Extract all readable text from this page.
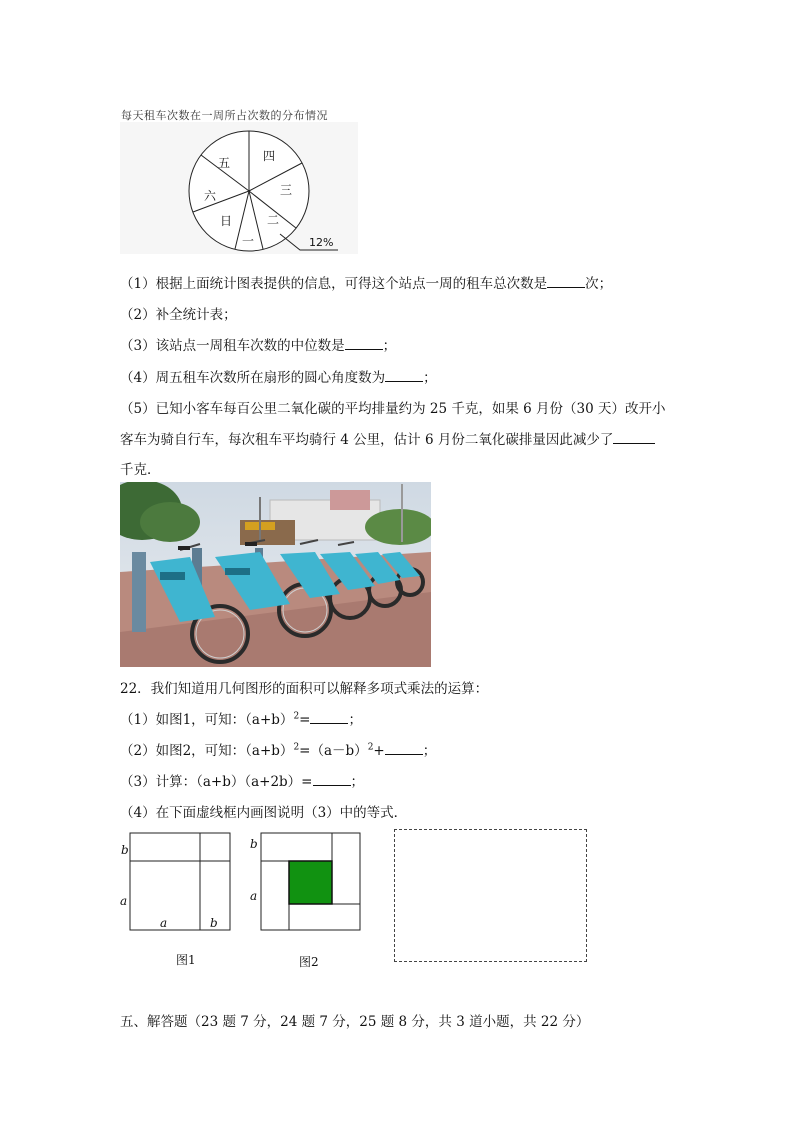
每天租车次数在一周所占次数的分布情况
五	四
三
二
一
日
六
12%
（1）根据上面统计图表提供的信息，可得这个站点一周的租车总次数是	次；
（2）补全统计表；
（3）该站点一周租车次数的中位数是	；
（4）周五租车次数所在扇形的圆心角度数为	；
（5）已知小客车每百公里二氧化碳的平均排量约为 25 千克，如果 6 月份（30 天）改开小
客车为骑自行车，每次租车平均骑行 4 公里，估计 6 月份二氧化碳排量因此减少了
千克．
22．我们知道用几何图形的面积可以解释多项式乘法的运算：
（1）如图1，可知：$(a+b)^2=$	；
（2）如图2，可知：$(a+b)^2=(a-b)^2+$	；
（3）计算：（a+b）（a+2b）=	；
（4）在下面虚线框内画图说明（3）中的等式．
b
a
a	b
图1
b
a
图2
五、解答题（23 题 7 分，24 题 7 分，25 题 8 分，共 3 道小题，共 22 分）
